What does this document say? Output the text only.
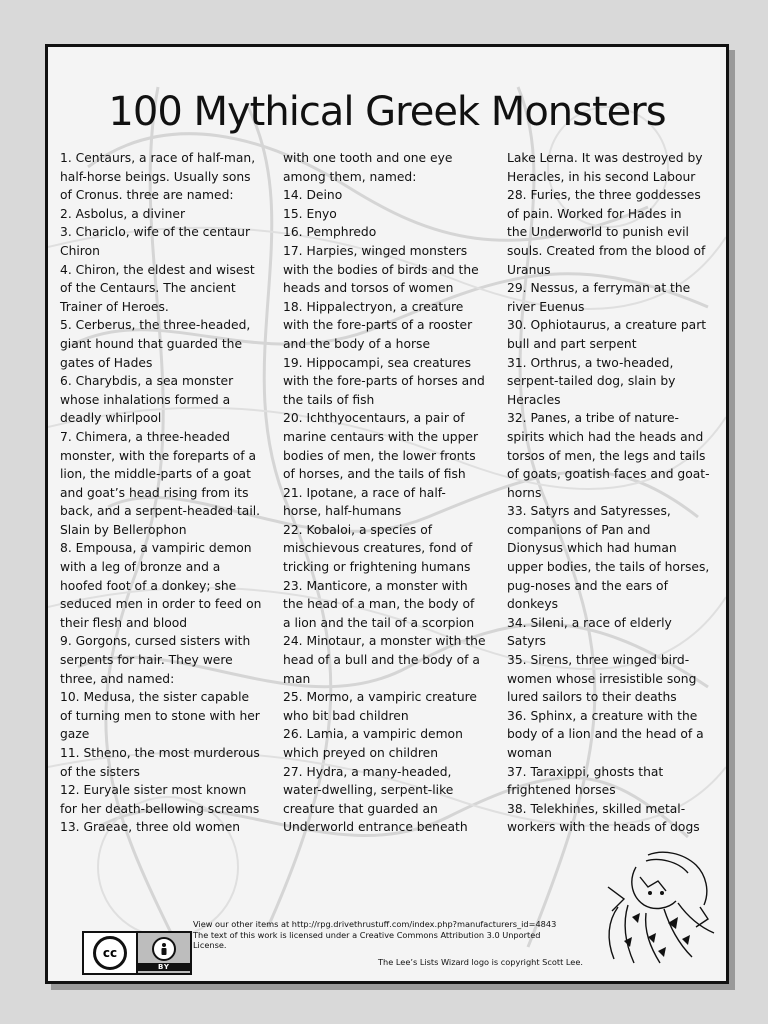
100 Mythical Greek Monsters
1. Centaurs, a race of half-man,
half-horse beings. Usually sons
of Cronus. three are named:
2. Asbolus, a diviner
3. Chariclo, wife of the centaur
Chiron
4. Chiron, the eldest and wisest
of the Centaurs. The ancient
Trainer of Heroes.
5. Cerberus, the three-headed,
giant hound that guarded the
gates of Hades
6. Charybdis, a sea monster
whose inhalations formed a
deadly whirlpool
7. Chimera, a three-headed
monster, with the foreparts of a
lion, the middle-parts of a goat
and goat’s head rising from its
back, and a serpent-headed tail.
Slain by Bellerophon
8. Empousa, a vampiric demon
with a leg of bronze and a
hoofed foot of a donkey; she
seduced men in order to feed on
their flesh and blood
9. Gorgons, cursed sisters with
serpents for hair. They were
three, and named:
10. Medusa, the sister capable
of turning men to stone with her
gaze
11. Stheno, the most murderous
of the sisters
12. Euryale sister most known
for her death-bellowing screams
13. Graeae, three old women
with one tooth and one eye
among them, named:
14. Deino
15. Enyo
16. Pemphredo
17. Harpies, winged monsters
with the bodies of birds and the
heads and torsos of women
18. Hippalectryon, a creature
with the fore-parts of a rooster
and the body of a horse
19. Hippocampi, sea creatures
with the fore-parts of horses and
the tails of fish
20. Ichthyocentaurs, a pair of
marine centaurs with the upper
bodies of men, the lower fronts
of horses, and the tails of fish
21. Ipotane, a race of half-
horse, half-humans
22. Kobaloi, a species of
mischievous creatures, fond of
tricking or frightening humans
23. Manticore, a monster with
the head of a man, the body of
a lion and the tail of a scorpion
24. Minotaur, a monster with the
head of a bull and the body of a
man
25. Mormo, a vampiric creature
who bit bad children
26. Lamia, a vampiric demon
which preyed on children
27. Hydra, a many-headed,
water-dwelling, serpent-like
creature that guarded an
Underworld entrance beneath
Lake Lerna. It was destroyed by
Heracles, in his second Labour
28. Furies, the three goddesses
of pain. Worked for Hades in
the Underworld to punish evil
souls. Created from the blood of
Uranus
29. Nessus, a ferryman at the
river Euenus
30. Ophiotaurus, a creature part
bull and part serpent
31. Orthrus, a two-headed,
serpent-tailed dog, slain by
Heracles
32. Panes, a tribe of nature-
spirits which had the heads and
torsos of men, the legs and tails
of goats, goatish faces and goat-
horns
33. Satyrs and Satyresses,
companions of Pan and
Dionysus which had human
upper bodies, the tails of horses,
pug-noses and the ears of
donkeys
34. Sileni, a race of elderly
Satyrs
35. Sirens, three winged bird-
women whose irresistible song
lured sailors to their deaths
36. Sphinx, a creature with the
body of a lion and the head of a
woman
37. Taraxippi, ghosts that
frightened horses
38. Telekhines, skilled metal-
workers with the heads of dogs
cc
BY
View our other items at http://rpg.drivethrustuff.com/index.php?manufacturers_id=4843
The text of this work is licensed under a Creative Commons Attribution 3.0 Unported
License.
The Lee’s Lists Wizard logo is copyright Scott Lee.
